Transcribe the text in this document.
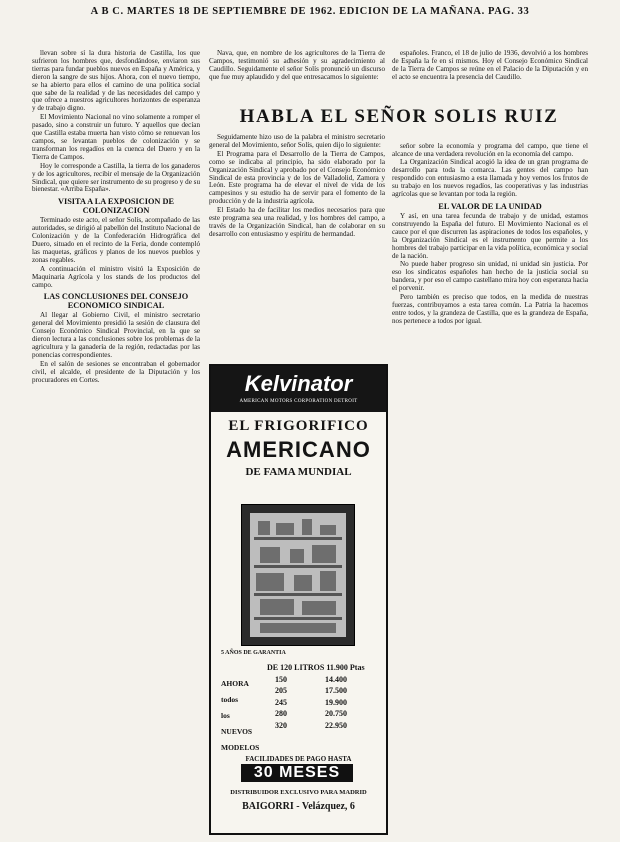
A B C. MARTES 18 DE SEPTIEMBRE DE 1962. EDICION DE LA MAÑANA. PAG. 33

llevan sobre sí la dura historia de Castilla, los que sufrieron los hombres que, desfondándose, enviaron sus tierras para fundar pueblos nuevos en España y América, y dieron la sangre de sus hijos. Ahora, con el nuevo tiempo, se ha abierto para ellos el camino de una política social que sabe de la realidad y de las necesidades del campo y que ofrece a nuestros agricultores horizontes de esperanza y de trabajo digno.

El Movimiento Nacional no vino solamente a romper el pasado, sino a construir un futuro. Y aquellos que decían que Castilla estaba muerta han visto cómo se renuevan los campos, se levantan pueblos de colonización y se transforman los regadíos en la cuenca del Duero y en la Tierra de Campos.

Hoy le corresponde a Castilla, la tierra de los ganaderos y de los agricultores, recibir el mensaje de la Organización Sindical, que quiere ser instrumento de su progreso y de su bienestar. «Arriba España».

VISITA A LA EXPOSICION DE COLONIZACION

Terminado este acto, el señor Solís, acompañado de las autoridades, se dirigió al pabellón del Instituto Nacional de Colonización y de la Confederación Hidrográfica del Duero, situado en el recinto de la Feria, donde contempló las maquetas, gráficos y planos de los nuevos pueblos y zonas regables.

A continuación el ministro visitó la Exposición de Maquinaria Agrícola y los stands de los productos del campo.

LAS CONCLUSIONES DEL CONSEJO ECONOMICO SINDICAL

Al llegar al Gobierno Civil, el ministro secretario general del Movimiento presidió la sesión de clausura del Consejo Económico Sindical Provincial, en la que se dieron lectura a las conclusiones sobre los problemas de la agricultura y la ganadería de la región, redactadas por las ponencias correspondientes.

En el salón de sesiones se encontraban el gobernador civil, el alcalde, el presidente de la Diputación y los procuradores en Cortes.

Nava, que, en nombre de los agricultores de la Tierra de Campos, testimonió su adhesión y su agradecimiento al Caudillo. Seguidamente el señor Solís pronunció un discurso que fue muy aplaudido y del que entresacamos lo siguiente:

HABLA EL SEÑOR SOLIS RUIZ

Seguidamente hizo uso de la palabra el ministro secretario general del Movimiento, señor Solís, quien dijo lo siguiente:

El Programa para el Desarrollo de la Tierra de Campos, como se indicaba al principio, ha sido elaborado por la Organización Sindical y aprobado por el Consejo Económico Sindical de esta provincia y de los de Valladolid, Zamora y León. Este programa ha de elevar el nivel de vida de los campesinos y su estudio ha de servir para el fomento de la producción y de la industria agrícola.

El Estado ha de facilitar los medios necesarios para que este programa sea una realidad, y los hombres del campo, a través de la Organización Sindical, han de colaborar en su desarrollo con entusiasmo y espíritu de hermandad.

españoles. Franco, el 18 de julio de 1936, devolvió a los hombres de España la fe en sí mismos. Hoy el Consejo Económico Sindical de la Tierra de Campos se reúne en el Palacio de la Diputación y en el acto se encuentra la presencia del Caudillo.

señor sobre la economía y programa del campo, que tiene el alcance de una verdadera revolución en la economía del campo.

La Organización Sindical acogió la idea de un gran programa de desarrollo para toda la comarca. Las gentes del campo han respondido con entusiasmo a esta llamada y hoy vemos los frutos de su trabajo en los nuevos regadíos, las cooperativas y las industrias agrícolas que se levantan por toda la región.

EL VALOR DE LA UNIDAD

Y así, en una tarea fecunda de trabajo y de unidad, estamos construyendo la España del futuro. El Movimiento Nacional es el cauce por el que discurren las aspiraciones de todos los españoles, y la Organización Sindical es el instrumento que permite a los hombres del trabajo participar en la vida política, económica y social de la nación.

No puede haber progreso sin unidad, ni unidad sin justicia. Por eso los sindicatos españoles han hecho de la justicia social su bandera, y por eso el campo castellano mira hoy con esperanza hacia el porvenir.

Pero también es preciso que todos, en la medida de nuestras fuerzas, contribuyamos a esta tarea común. La Patria la hacemos entre todos, y la grandeza de Castilla, que es la grandeza de España, nos pertenece a todos por igual.

Kelvinator
AMERICAN MOTORS CORPORATION DETROIT
EL FRIGORIFICO
AMERICANO
DE FAMA MUNDIAL
5 AÑOS DE GARANTIA
AHORA
todos
los
NUEVOS
MODELOS
DE 120 LITROS 11.900 Ptas
150	14.400
205	17.500
245	19.900
280	20.750
320	22.950
FACILIDADES DE PAGO HASTA
30 MESES
DISTRIBUIDOR EXCLUSIVO PARA MADRID
BAIGORRI - Velázquez, 6
